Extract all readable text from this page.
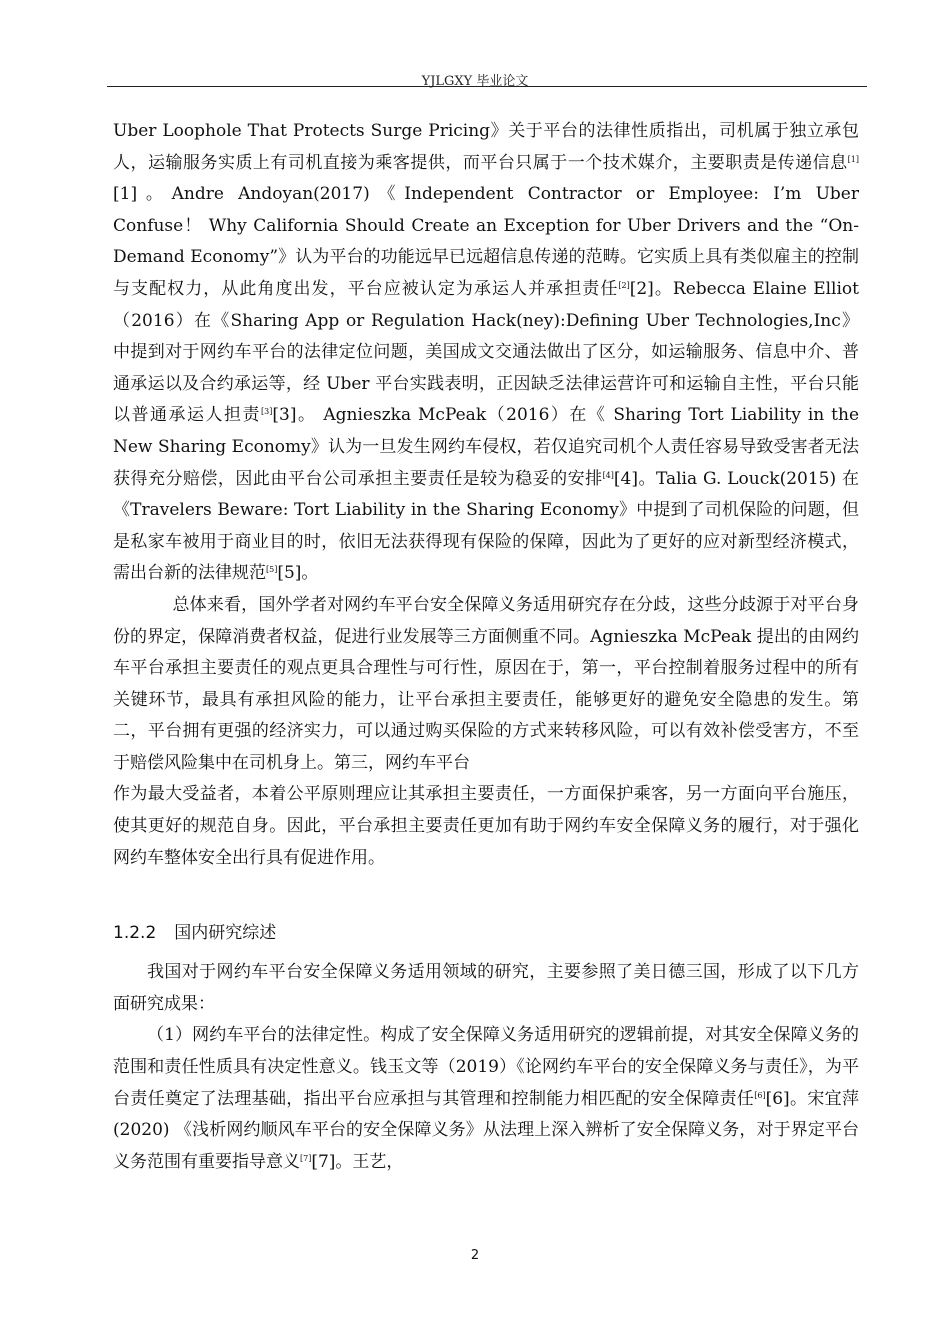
YJLGXY 毕业论文

Uber Loophole That Protects Surge Pricing》关于平台的法律性质指出，司机属于独立承包人，运输服务实质上有司机直接为乘客提供，而平台只属于一个技术媒介，主要职责是传递信息[1][1]。Andre Andoyan(2017)《Independent Contractor or Employee: I’m Uber Confuse！ Why California Should Create an Exception for Uber Drivers and the “On-Demand Economy”》认为平台的功能远早已远超信息传递的范畴。它实质上具有类似雇主的控制与支配权力，从此角度出发，平台应被认定为承运人并承担责任[2][2]。Rebecca Elaine Elliot（2016）在《Sharing App or Regulation Hack(ney):Defining Uber Technologies,Inc》中提到对于网约车平台的法律定位问题，美国成文交通法做出了区分，如运输服务、信息中介、普通承运以及合约承运等，经 Uber 平台实践表明，正因缺乏法律运营许可和运输自主性，平台只能以普通承运人担责[3][3]。 Agnieszka McPeak（2016）在《 Sharing Tort Liability in the New Sharing Economy》认为一旦发生网约车侵权，若仅追究司机个人责任容易导致受害者无法获得充分赔偿，因此由平台公司承担主要责任是较为稳妥的安排[4][4]。Talia G. Louck(2015) 在《Travelers Beware: Tort Liability in the Sharing Economy》中提到了司机保险的问题，但是私家车被用于商业目的时，依旧无法获得现有保险的保障，因此为了更好的应对新型经济模式，需出台新的法律规范[5][5]。

总体来看，国外学者对网约车平台安全保障义务适用研究存在分歧，这些分歧源于对平台身份的界定，保障消费者权益，促进行业发展等三方面侧重不同。Agnieszka McPeak 提出的由网约车平台承担主要责任的观点更具合理性与可行性，原因在于，第一，平台控制着服务过程中的所有关键环节，最具有承担风险的能力，让平台承担主要责任，能够更好的避免安全隐患的发生。第二，平台拥有更强的经济实力，可以通过购买保险的方式来转移风险，可以有效补偿受害方，不至于赔偿风险集中在司机身上。第三，网约车平台

作为最大受益者，本着公平原则理应让其承担主要责任，一方面保护乘客，另一方面向平台施压，使其更好的规范自身。因此，平台承担主要责任更加有助于网约车安全保障义务的履行，对于强化网约车整体安全出行具有促进作用。

1.2.2 国内研究综述

我国对于网约车平台安全保障义务适用领域的研究，主要参照了美日德三国，形成了以下几方面研究成果：

（1）网约车平台的法律定性。构成了安全保障义务适用研究的逻辑前提，对其安全保障义务的范围和责任性质具有决定性意义。钱玉文等（2019）《论网约车平台的安全保障义务与责任》，为平台责任奠定了法理基础，指出平台应承担与其管理和控制能力相匹配的安全保障责任[6][6]。宋宜萍(2020) 《浅析网约顺风车平台的安全保障义务》从法理上深入辨析了安全保障义务，对于界定平台义务范围有重要指导意义[7][7]。王艺，

2
